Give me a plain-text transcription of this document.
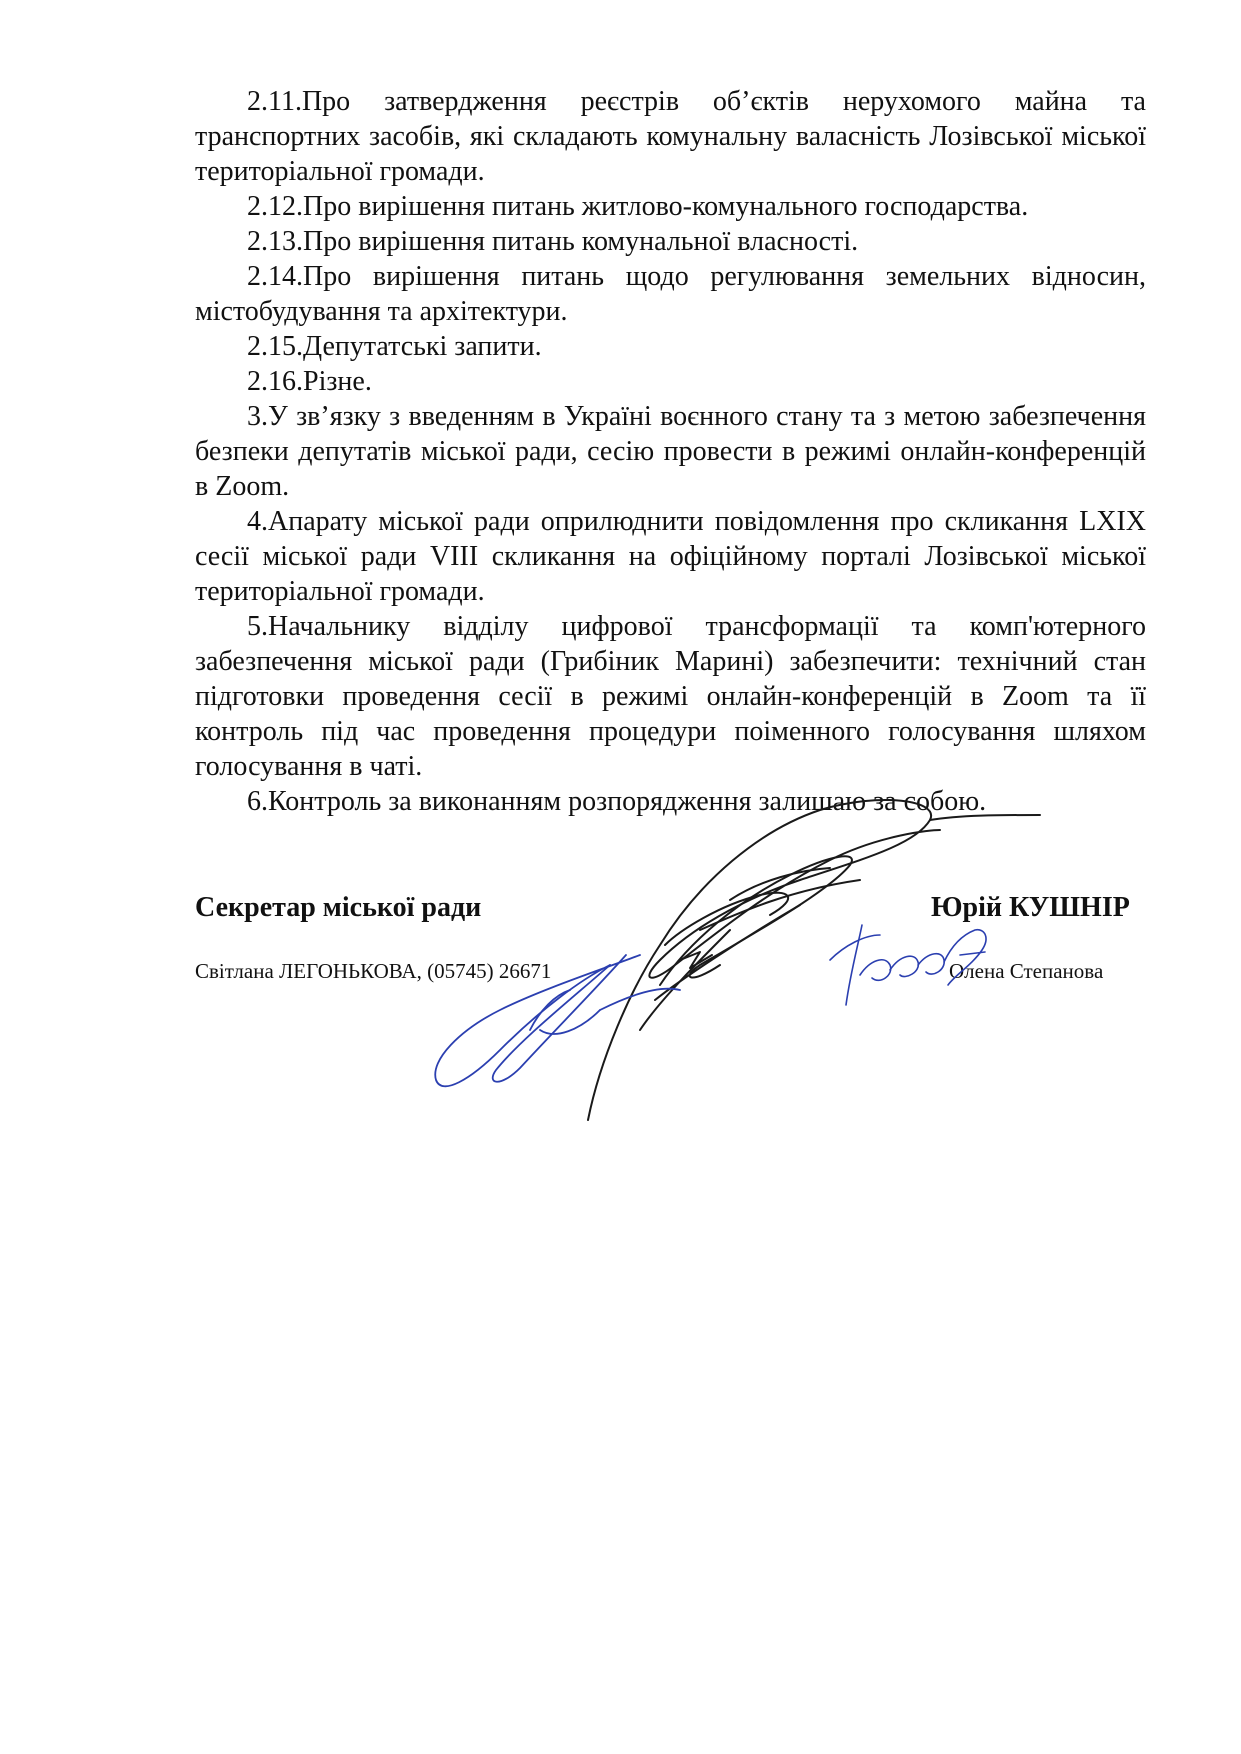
2.11.Про затвердження реєстрів об’єктів нерухомого майна та транспортних засобів, які складають комунальну валасність Лозівської міської територіальної громади.

2.12.Про вирішення питань житлово-комунального господарства.

2.13.Про вирішення питань комунальної власності.

2.14.Про вирішення питань щодо регулювання земельних відносин, містобудування та архітектури.

2.15.Депутатські запити.

2.16.Різне.

3.У зв’язку з введенням в Україні воєнного стану та з метою забезпечення безпеки депутатів міської ради, сесію провести в режимі онлайн-конференцій в Zoom.

4.Апарату міської ради оприлюднити повідомлення про скликання LXIX сесії міської ради VIII скликання на офіційному порталі Лозівської міської територіальної громади.

5.Начальнику відділу цифрової трансформації та комп'ютерного забезпечення міської ради (Грибiник Марині) забезпечити: технічний стан підготовки проведення сесії в режимі онлайн-конференцій в Zoom та її контроль під час проведення процедури поіменного голосування шляхом голосування в чаті.

6.Контроль за виконанням розпорядження залишаю за собою.

Секретар міської ради	Юрій КУШНІР
Світлана ЛЕГОНЬКОВА, (05745) 26671	Олена Степанова
